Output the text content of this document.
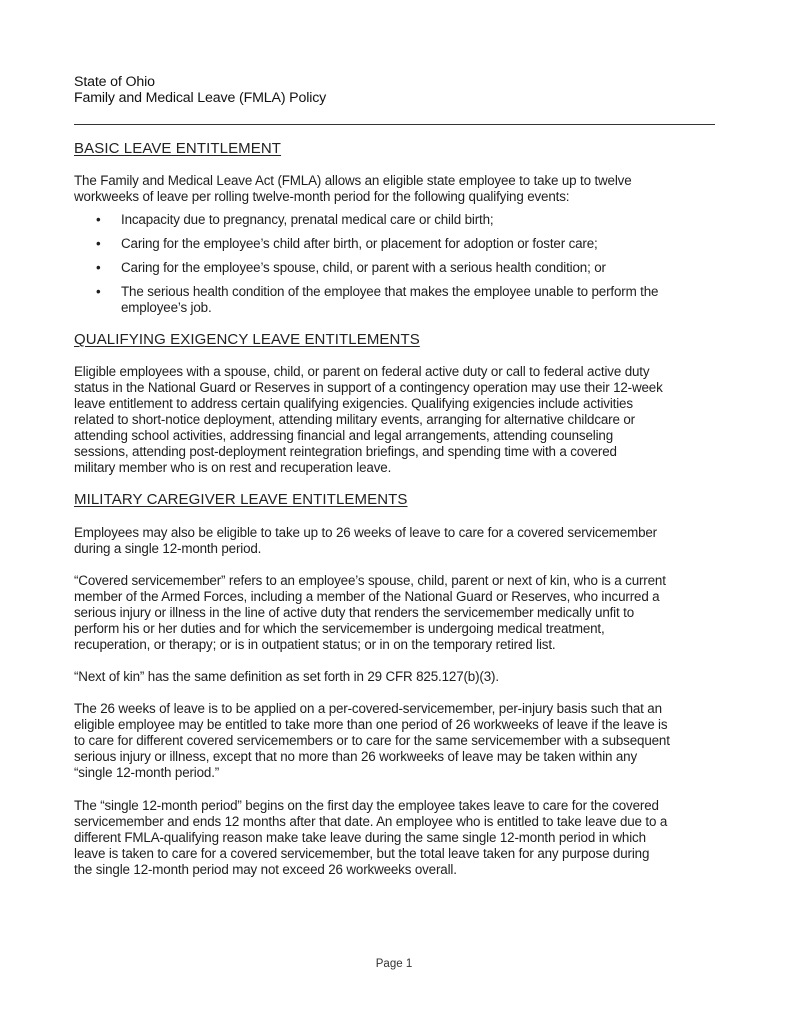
State of Ohio
Family and Medical Leave (FMLA) Policy
BASIC LEAVE ENTITLEMENT
The Family and Medical Leave Act (FMLA) allows an eligible state employee to take up to twelve
workweeks of leave per rolling twelve-month period for the following qualifying events:
• Incapacity due to pregnancy, prenatal medical care or child birth;
• Caring for the employee’s child after birth, or placement for adoption or foster care;
• Caring for the employee’s spouse, child, or parent with a serious health condition; or
• The serious health condition of the employee that makes the employee unable to perform the
employee’s job.
QUALIFYING EXIGENCY LEAVE ENTITLEMENTS
Eligible employees with a spouse, child, or parent on federal active duty or call to federal active duty
status in the National Guard or Reserves in support of a contingency operation may use their 12-week
leave entitlement to address certain qualifying exigencies. Qualifying exigencies include activities
related to short-notice deployment, attending military events, arranging for alternative childcare or
attending school activities, addressing financial and legal arrangements, attending counseling
sessions, attending post-deployment reintegration briefings, and spending time with a covered
military member who is on rest and recuperation leave.
MILITARY CAREGIVER LEAVE ENTITLEMENTS
Employees may also be eligible to take up to 26 weeks of leave to care for a covered servicemember
during a single 12-month period.
“Covered servicemember” refers to an employee’s spouse, child, parent or next of kin, who is a current
member of the Armed Forces, including a member of the National Guard or Reserves, who incurred a
serious injury or illness in the line of active duty that renders the servicemember medically unfit to
perform his or her duties and for which the servicemember is undergoing medical treatment,
recuperation, or therapy; or is in outpatient status; or in on the temporary retired list.
“Next of kin” has the same definition as set forth in 29 CFR 825.127(b)(3).
The 26 weeks of leave is to be applied on a per-covered-servicemember, per-injury basis such that an
eligible employee may be entitled to take more than one period of 26 workweeks of leave if the leave is
to care for different covered servicemembers or to care for the same servicemember with a subsequent
serious injury or illness, except that no more than 26 workweeks of leave may be taken within any
“single 12-month period.”
The “single 12-month period” begins on the first day the employee takes leave to care for the covered
servicemember and ends 12 months after that date. An employee who is entitled to take leave due to a
different FMLA-qualifying reason make take leave during the same single 12-month period in which
leave is taken to care for a covered servicemember, but the total leave taken for any purpose during
the single 12-month period may not exceed 26 workweeks overall.
Page 1
